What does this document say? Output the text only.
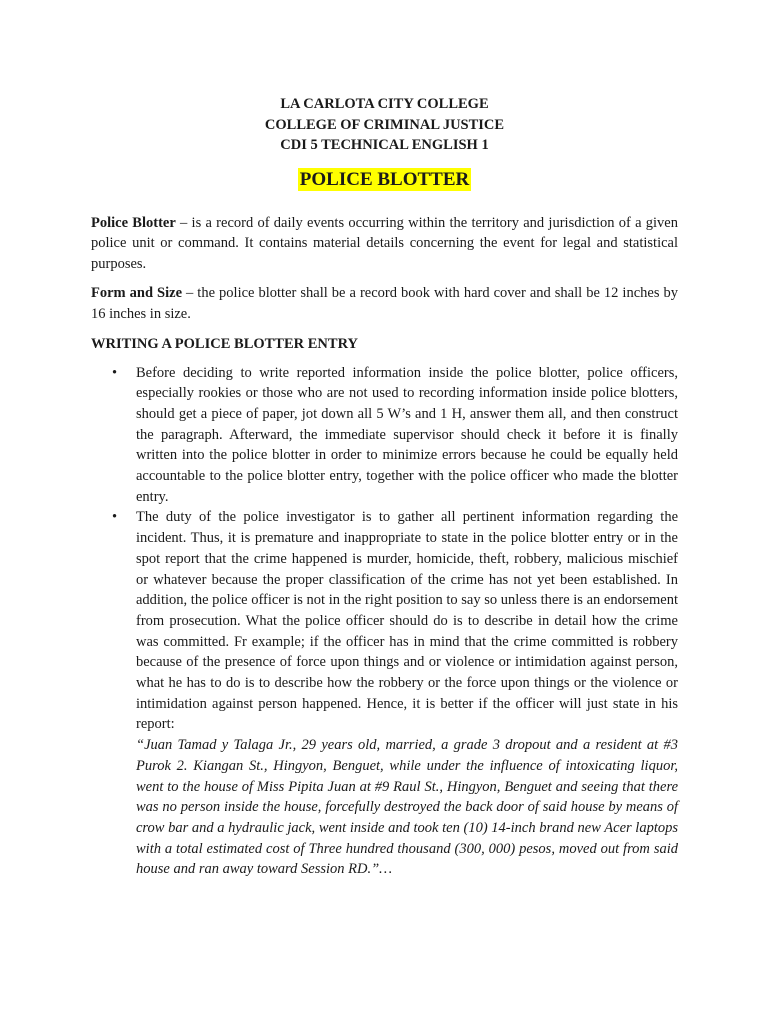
LA CARLOTA CITY COLLEGE
COLLEGE OF CRIMINAL JUSTICE
CDI 5 TECHNICAL ENGLISH 1
POLICE BLOTTER

Police Blotter – is a record of daily events occurring within the territory and jurisdiction of a given police unit or command. It contains material details concerning the event for legal and statistical purposes.

Form and Size – the police blotter shall be a record book with hard cover and shall be 12 inches by 16 inches in size.

WRITING A POLICE BLOTTER ENTRY
• Before deciding to write reported information inside the police blotter, police officers, especially rookies or those who are not used to recording information inside police blotters, should get a piece of paper, jot down all 5 W’s and 1 H, answer them all, and then construct the paragraph. Afterward, the immediate supervisor should check it before it is finally written into the police blotter in order to minimize errors because he could be equally held accountable to the police blotter entry, together with the police officer who made the blotter entry.
• The duty of the police investigator is to gather all pertinent information regarding the incident. Thus, it is premature and inappropriate to state in the police blotter entry or in the spot report that the crime happened is murder, homicide, theft, robbery, malicious mischief or whatever because the proper classification of the crime has not yet been established. In addition, the police officer is not in the right position to say so unless there is an endorsement from prosecution. What the police officer should do is to describe in detail how the crime was committed. Fr example; if the officer has in mind that the crime committed is robbery because of the presence of force upon things and or violence or intimidation against person, what he has to do is to describe how the robbery or the force upon things or the violence or intimidation against person happened. Hence, it is better if the officer will just state in his report:
“Juan Tamad y Talaga Jr., 29 years old, married, a grade 3 dropout and a resident at #3 Purok 2. Kiangan St., Hingyon, Benguet, while under the influence of intoxicating liquor, went to the house of Miss Pipita Juan at #9 Raul St., Hingyon, Benguet and seeing that there was no person inside the house, forcefully destroyed the back door of said house by means of crow bar and a hydraulic jack, went inside and took ten (10) 14-inch brand new Acer laptops with a total estimated cost of Three hundred thousand (300, 000) pesos, moved out from said house and ran away toward Session RD.”…
